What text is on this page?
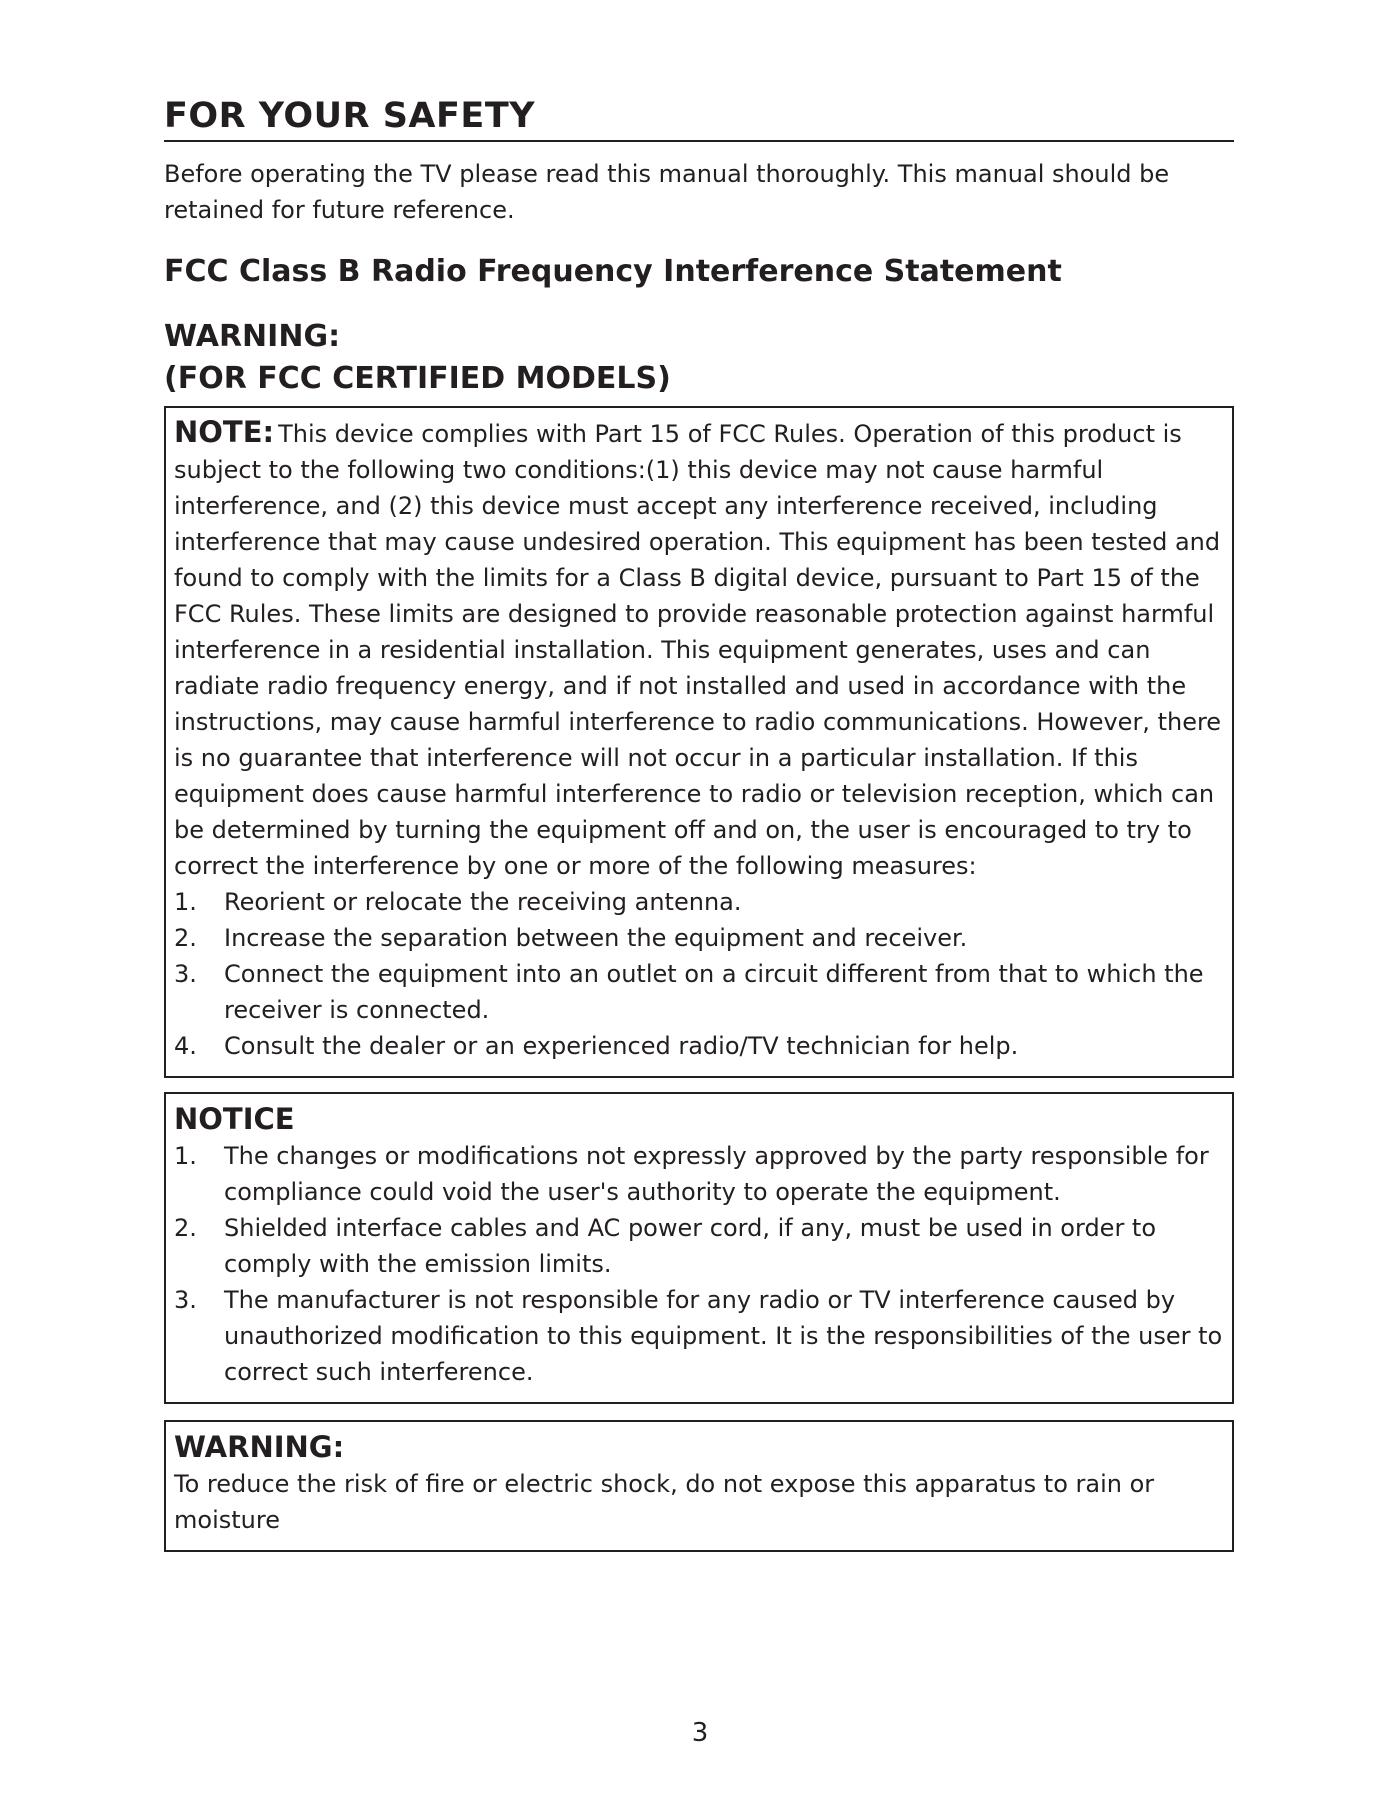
FOR YOUR SAFETY

Before operating the TV please read this manual thoroughly. This manual should be retained for future reference.

FCC Class B Radio Frequency Interference Statement
WARNING:
(FOR FCC CERTIFIED MODELS)
NOTE: This device complies with Part 15 of FCC Rules. Operation of this product is subject to the following two conditions:(1) this device may not cause harmful interference, and (2) this device must accept any interference received, including interference that may cause undesired operation. This equipment has been tested and found to comply with the limits for a Class B digital device, pursuant to Part 15 of the FCC Rules. These limits are designed to provide reasonable protection against harmful interference in a residential installation. This equipment generates, uses and can radiate radio frequency energy, and if not installed and used in accordance with the instructions, may cause harmful interference to radio communications. However, there is no guarantee that interference will not occur in a particular installation. If this equipment does cause harmful interference to radio or television reception, which can be determined by turning the equipment off and on, the user is encouraged to try to correct the interference by one or more of the following measures:
1.	Reorient or relocate the receiving antenna.
2.	Increase the separation between the equipment and receiver.
3.	Connect the equipment into an outlet on a circuit different from that to which the receiver is connected.
4.	Consult the dealer or an experienced radio/TV technician for help.
NOTICE
1.	The changes or modifications not expressly approved by the party responsible for compliance could void the user's authority to operate the equipment.
2.	Shielded interface cables and AC power cord, if any, must be used in order to comply with the emission limits.
3.	The manufacturer is not responsible for any radio or TV interference caused by unauthorized modification to this equipment. It is the responsibilities of the user to correct such interference.
WARNING:
To reduce the risk of fire or electric shock, do not expose this apparatus to rain or moisture
3
